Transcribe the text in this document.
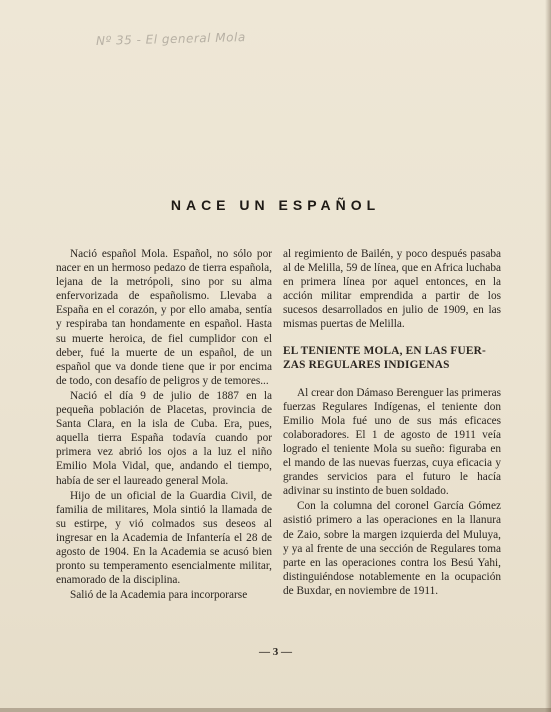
Nº 35 - El general Mola
NACE UN ESPAÑOL

Nació español Mola. Español, no sólo por nacer en un hermoso pedazo de tierra española, lejana de la metrópoli, sino por su alma enfervorizada de españolismo. Llevaba a España en el corazón, y por ello amaba, sentía y respiraba tan hondamente en español. Hasta su muerte heroica, de fiel cumplidor con el deber, fué la muerte de un español, de un español que va donde tiene que ir por encima de todo, con desafío de peligros y de temores...

Nació el día 9 de julio de 1887 en la pequeña población de Placetas, provincia de Santa Clara, en la isla de Cuba. Era, pues, aquella tierra España todavía cuando por primera vez abrió los ojos a la luz el niño Emilio Mola Vidal, que, andando el tiempo, había de ser el laureado general Mola.

Hijo de un oficial de la Guardia Civil, de familia de militares, Mola sintió la llamada de su estirpe, y vió colmados sus deseos al ingresar en la Academia de Infantería el 28 de agosto de 1904. En la Academia se acusó bien pronto su temperamento esencialmente militar, enamorado de la disciplina.

Salió de la Academia para incorporarse

al regimiento de Bailén, y poco después pasaba al de Melilla, 59 de línea, que en Africa luchaba en primera línea por aquel entonces, en la acción militar emprendida a partir de los sucesos desarrollados en julio de 1909, en las mismas puertas de Melilla.

EL TENIENTE MOLA, EN LAS FUER-
ZAS REGULARES INDIGENAS

Al crear don Dámaso Berenguer las primeras fuerzas Regulares Indígenas, el teniente don Emilio Mola fué uno de sus más eficaces colaboradores. El 1 de agosto de 1911 veía logrado el teniente Mola su sueño: figuraba en el mando de las nuevas fuerzas, cuya eficacia y grandes servicios para el futuro le hacía adivinar su instinto de buen soldado.

Con la columna del coronel García Gómez asistió primero a las operaciones en la llanura de Zaio, sobre la margen izquierda del Muluya, y ya al frente de una sección de Regulares toma parte en las operaciones contra los Besú Yahi, distinguiéndose notablemente en la ocupación de Buxdar, en noviembre de 1911.

— 3 —
